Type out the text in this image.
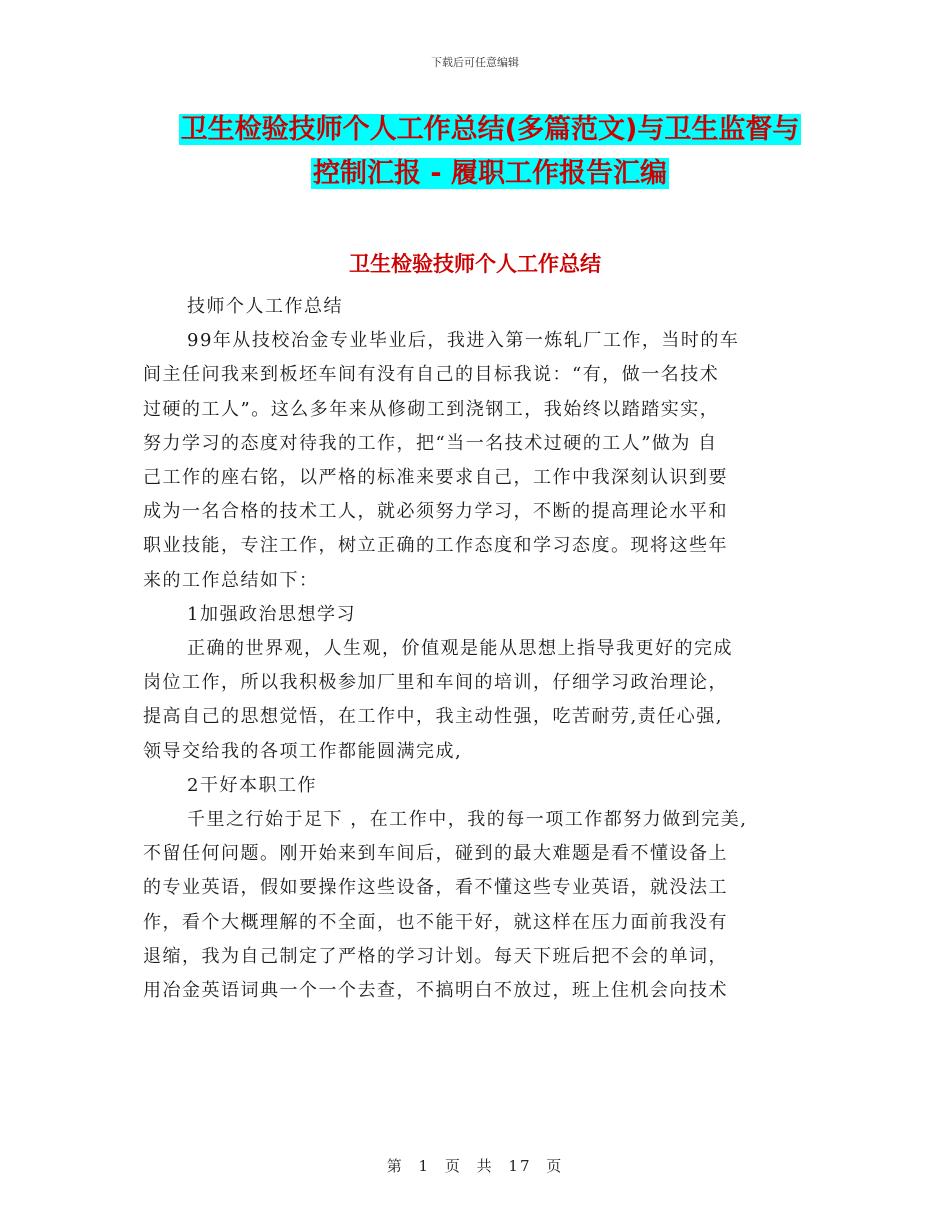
下载后可任意编辑
卫生检验技师个人工作总结(多篇范文)与卫生监督与
控制汇报 - 履职工作报告汇编
卫生检验技师个人工作总结

技师个人工作总结

99年从技校冶金专业毕业后，我进入第一炼轧厂工作，当时的车

间主任问我来到板坯车间有没有自己的目标我说：“有，做一名技术

过硬的工人”。这么多年来从修砌工到浇钢工，我始终以踏踏实实，

努力学习的态度对待我的工作，把“当一名技术过硬的工人”做为 自

己工作的座右铭，以严格的标准来要求自己，工作中我深刻认识到要

成为一名合格的技术工人，就必须努力学习，不断的提高理论水平和

职业技能，专注工作，树立正确的工作态度和学习态度。现将这些年

来的工作总结如下：

1加强政治思想学习

正确的世界观，人生观，价值观是能从思想上指导我更好的完成

岗位工作，所以我积极参加厂里和车间的培训，仔细学习政治理论，

提高自己的思想觉悟，在工作中，我主动性强，吃苦耐劳,责任心强,

领导交给我的各项工作都能圆满完成,

2干好本职工作

千里之行始于足下 ，在工作中，我的每一项工作都努力做到完美,

不留任何问题。刚开始来到车间后，碰到的最大难题是看不懂设备上

的专业英语，假如要操作这些设备，看不懂这些专业英语，就没法工

作，看个大概理解的不全面，也不能干好，就这样在压力面前我没有

退缩，我为自己制定了严格的学习计划。每天下班后把不会的单词，

用冶金英语词典一个一个去查，不搞明白不放过，班上住机会向技术

第 1 页 共 17 页
